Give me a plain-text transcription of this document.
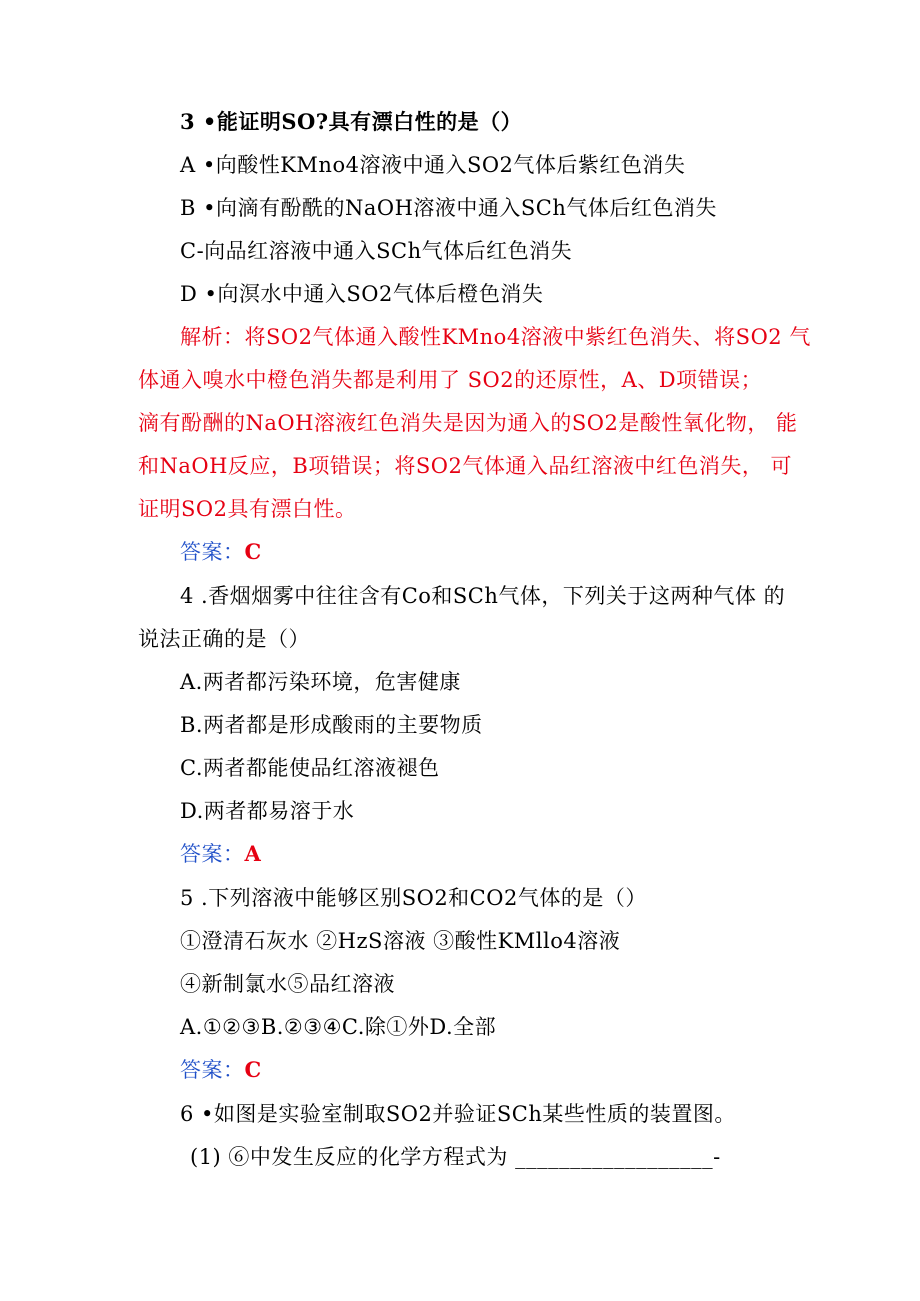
3 •能证明SO?具有漂白性的是（）
A •向酸性KMno4溶液中通入SO2气体后紫红色消失
B •向滴有酚酰的NaOH溶液中通入SCh气体后红色消失
C-向品红溶液中通入SCh气体后红色消失
D •向溟水中通入SO2气体后橙色消失
解析：将SO2气体通入酸性KMno4溶液中紫红色消失、将SO2 气
体通入嗅水中橙色消失都是利用了 SO2的还原性，A、D项错误；
滴有酚酬的NaOH溶液红色消失是因为通入的SO2是酸性氧化物， 能
和NaOH反应，B项错误；将SO2气体通入品红溶液中红色消失， 可
证明SO2具有漂白性。
答案：C
4 .香烟烟雾中往往含有Co和SCh气体，下列关于这两种气体 的
说法正确的是（）
A.两者都污染环境，危害健康
B.两者都是形成酸雨的主要物质
C.两者都能使品红溶液褪色
D.两者都易溶于水
答案：A
5 .下列溶液中能够区别SO2和CO2气体的是（）
①澄清石灰水 ②HzS溶液 ③酸性KMllo4溶液
④新制氯水⑤品红溶液
A.①②③B.②③④C.除①外D.全部
答案：C
6 •如图是实验室制取SO2并验证SCh某些性质的装置图。
(1) ⑥中发生反应的化学方程式为 __________________-
